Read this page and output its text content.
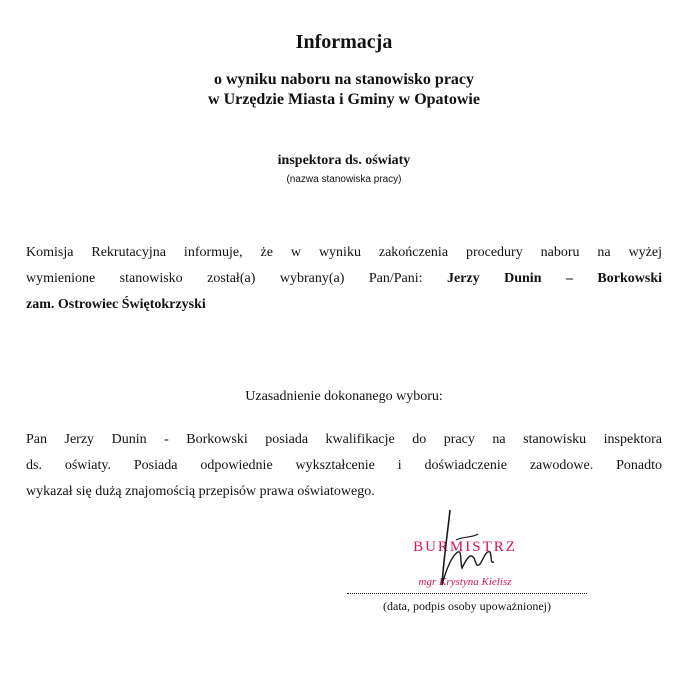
Informacja
o wyniku naboru na stanowisko pracy
w Urzędzie Miasta i Gminy w Opatowie
inspektora ds. oświaty
(nazwa stanowiska pracy)
Komisja Rekrutacyjna informuje, że w wyniku zakończenia procedury naboru na wyżej
wymienione stanowisko został(a) wybrany(a) Pan/Pani: Jerzy Dunin – Borkowski
zam. Ostrowiec Świętokrzyski
Uzasadnienie dokonanego wyboru:
Pan Jerzy Dunin - Borkowski posiada kwalifikacje do pracy na stanowisku inspektora
ds. oświaty. Posiada odpowiednie wykształcenie i doświadczenie zawodowe. Ponadto
wykazał się dużą znajomością przepisów prawa oświatowego.
BURMISTRZ
mgr Krystyna Kielisz
(data, podpis osoby upoważnionej)
